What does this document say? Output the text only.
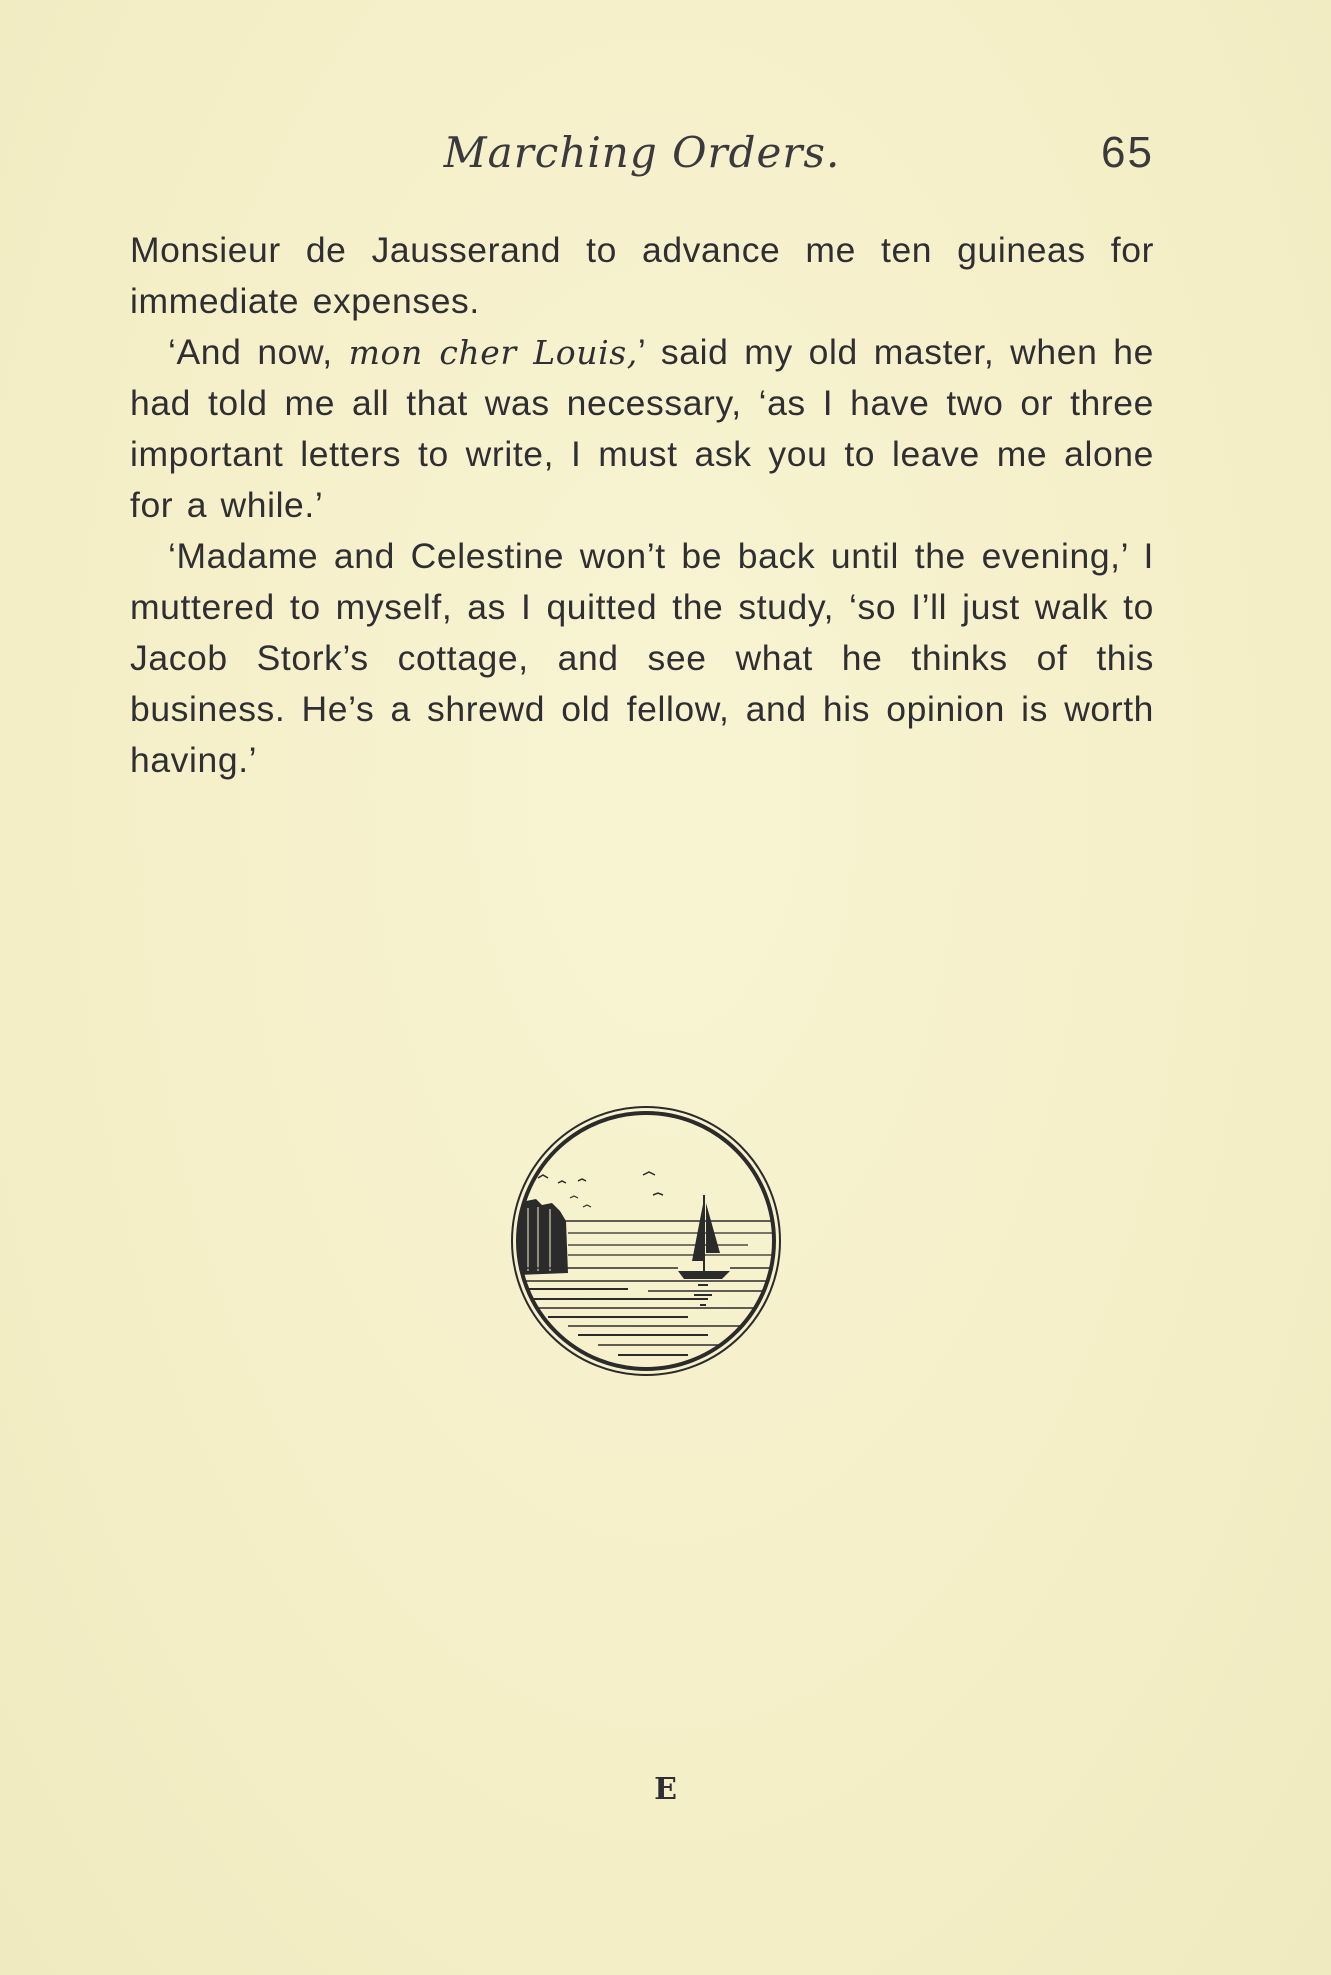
Marching Orders.	65

Monsieur de Jausserand to advance me ten guineas for immediate expenses.

‘And now, mon cher Louis,’ said my old master, when he had told me all that was necessary, ‘as I have two or three important letters to write, I must ask you to leave me alone for a while.’

‘Madame and Celestine won’t be back until the evening,’ I muttered to myself, as I quitted the study, ‘so I’ll just walk to Jacob Stork’s cottage, and see what he thinks of this business. He’s a shrewd old fellow, and his opinion is worth having.’

E
